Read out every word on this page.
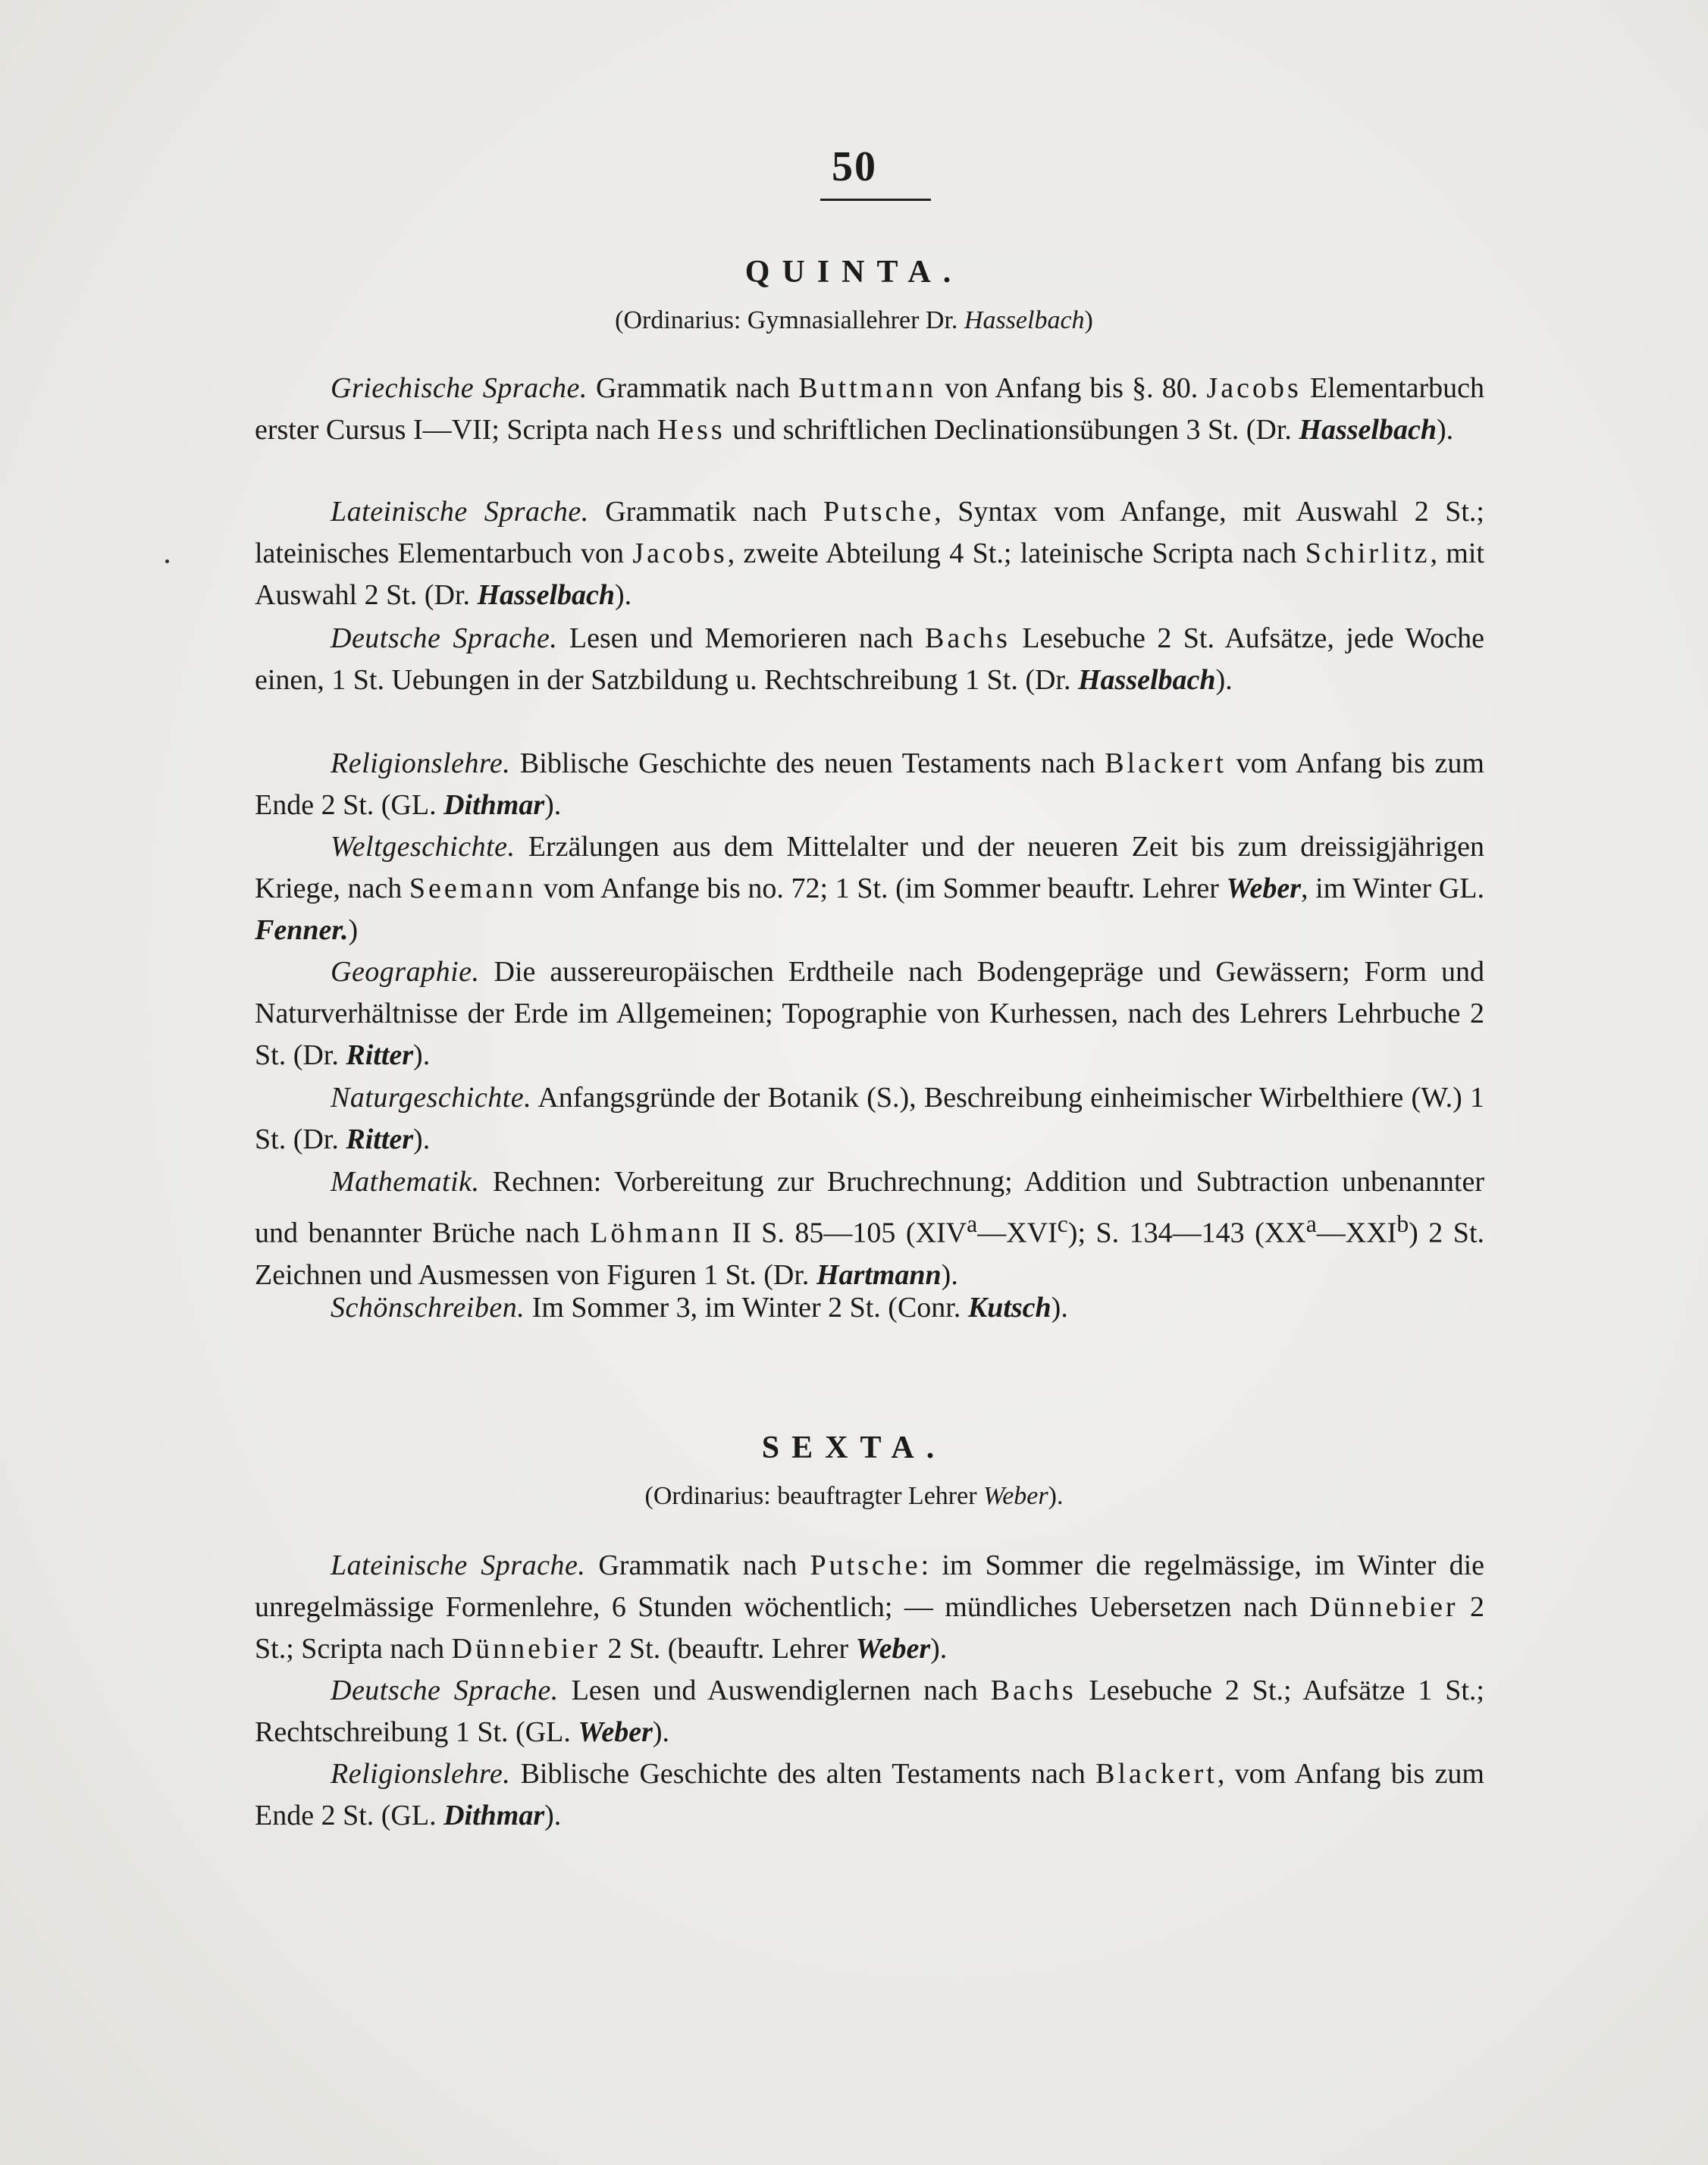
50
QUINTA.
(Ordinarius: Gymnasiallehrer Dr. Hasselbach)
Griechische Sprache. Grammatik nach Buttmann von Anfang bis §. 80. Jacobs Elementarbuch erster Cursus I—VII; Scripta nach Hess und schriftlichen Declinationsübungen 3 St. (Dr. Hasselbach).
Lateinische Sprache. Grammatik nach Putsche, Syntax vom Anfange, mit Auswahl 2 St.; lateinisches Elementarbuch von Jacobs, zweite Abteilung 4 St.; lateinische Scripta nach Schirlitz, mit Auswahl 2 St. (Dr. Hasselbach).
Deutsche Sprache. Lesen und Memorieren nach Bachs Lesebuche 2 St. Aufsätze, jede Woche einen, 1 St. Uebungen in der Satzbildung u. Rechtschreibung 1 St. (Dr. Hasselbach).
Religionslehre. Biblische Geschichte des neuen Testaments nach Blackert vom Anfang bis zum Ende 2 St. (GL. Dithmar).
Weltgeschichte. Erzälungen aus dem Mittelalter und der neueren Zeit bis zum dreissigjährigen Kriege, nach Seemann vom Anfange bis no. 72; 1 St. (im Sommer beauftr. Lehrer Weber, im Winter GL. Fenner.)
Geographie. Die aussereuropäischen Erdtheile nach Bodengepräge und Gewässern; Form und Naturverhältnisse der Erde im Allgemeinen; Topographie von Kurhessen, nach des Lehrers Lehrbuche 2 St. (Dr. Ritter).
Naturgeschichte. Anfangsgründe der Botanik (S.), Beschreibung einheimischer Wirbelthiere (W.) 1 St. (Dr. Ritter).
Mathematik. Rechnen: Vorbereitung zur Bruchrechnung; Addition und Subtraction unbenannter und benannter Brüche nach Löhmann II S. 85—105 (XIV$^a$—XVI$^c$); S. 134—143 $(XX^a—XXI^b)$ 2 St. Zeichnen und Ausmessen von Figuren 1 St. (Dr. Hartmann).
Schönschreiben. Im Sommer 3, im Winter 2 St. (Conr. Kutsch).
SEXTA.
(Ordinarius: beauftragter Lehrer Weber).
Lateinische Sprache. Grammatik nach Putsche: im Sommer die regelmässige, im Winter die unregelmässige Formenlehre, 6 Stunden wöchentlich; — mündliches Uebersetzen nach Dünnebier 2 St.; Scripta nach Dünnebier 2 St. (beauftr. Lehrer Weber).
Deutsche Sprache. Lesen und Auswendiglernen nach Bachs Lesebuche 2 St.; Aufsätze 1 St.; Rechtschreibung 1 St. (GL. Weber).
Religionslehre. Biblische Geschichte des alten Testaments nach Blackert, vom Anfang bis zum Ende 2 St. (GL. Dithmar).
